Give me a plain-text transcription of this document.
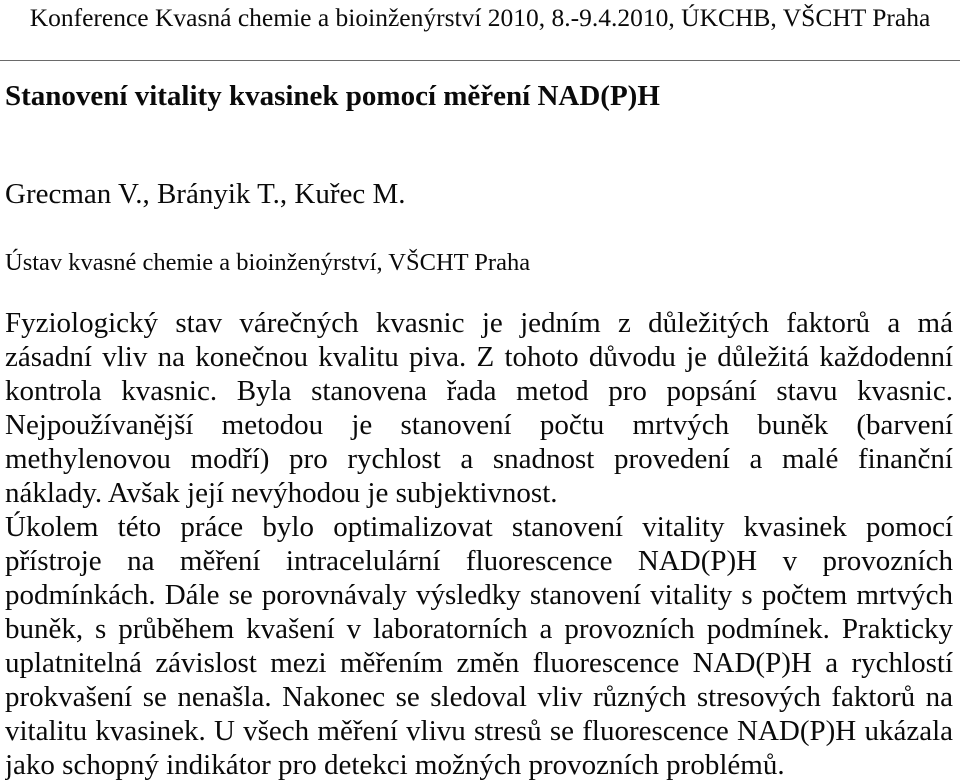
Konference Kvasná chemie a bioinženýrství 2010, 8.-9.4.2010, ÚKCHB, VŠCHT Praha
Stanovení vitality kvasinek pomocí měření NAD(P)H
Grecman V., Brányik T., Kuřec M.
Ústav kvasné chemie a bioinženýrství, VŠCHT Praha

Fyziologický stav várečných kvasnic je jedním z důležitých faktorů a má
zásadní vliv na konečnou kvalitu piva. Z tohoto důvodu je důležitá každodenní
kontrola kvasnic. Byla stanovena řada metod pro popsání stavu kvasnic.
Nejpoužívanější metodou je stanovení počtu mrtvých buněk (barvení
methylenovou modří) pro rychlost a snadnost provedení a malé finanční
náklady. Avšak její nevýhodou je subjektivnost.

Úkolem této práce bylo optimalizovat stanovení vitality kvasinek pomocí
přístroje na měření intracelulární fluorescence NAD(P)H v provozních
podmínkách. Dále se porovnávaly výsledky stanovení vitality s počtem mrtvých
buněk, s průběhem kvašení v laboratorních a provozních podmínek. Prakticky
uplatnitelná závislost mezi měřením změn fluorescence NAD(P)H a rychlostí
prokvašení se nenašla. Nakonec se sledoval vliv různých stresových faktorů na
vitalitu kvasinek. U všech měření vlivu stresů se fluorescence NAD(P)H ukázala
jako schopný indikátor pro detekci možných provozních problémů.
